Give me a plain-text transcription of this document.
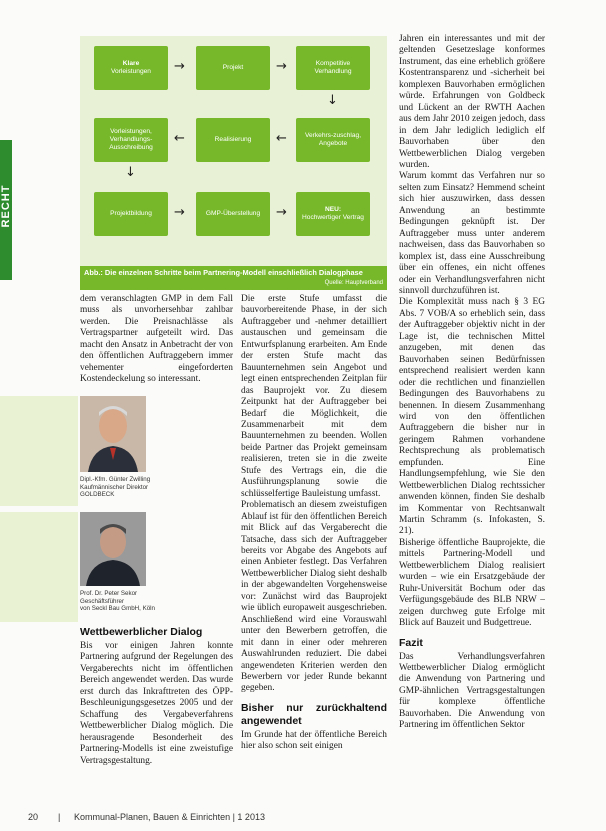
RECHT
Klare
Vorleistungen →	Projekt	→	Kompetitive Verhandlung
↓
Verkehrs-zuschlag, Angebote
←
Realisierung
←
Vorleistungen, Verhandlungs-Ausschreibung
↓
Projektbildung →	GMP-Überstellung →	NEU:
Hochwertiger Vertrag
Abb.: Die einzelnen Schritte beim Partnering-Modell einschließlich Dialogphase
Quelle: Hauptverband

dem veranschlagten GMP in dem Fall muss als unvorhersehbar zahlbar werden. Die Preisnachlässe als Vertragspartner aufgeteilt wird. Das macht den Ansatz in Anbetracht der von den öffentlichen Auftraggebern immer vehementer eingeforderten Kostendeckelung so interessant.

Dipl.-Kfm. Günter Zwilling
Kaufmännischer Direktor
GOLDBECK
Prof. Dr. Peter Sekor
Geschäftsführer
von Seckl Bau GmbH, Köln
Wettbewerblicher Dialog

Bis vor einigen Jahren konnte Partnering aufgrund der Regelungen des Vergaberechts nicht im öffentlichen Bereich angewendet werden. Das wurde erst durch das Inkrafttreten des ÖPP-Beschleunigungsgesetzes 2005 und der Schaffung des Vergabeverfahrens Wettbewerblicher Dialog möglich. Die herausragende Besonderheit des Partnering-Modells ist eine zweistufige Vertragsgestaltung.

Die erste Stufe umfasst die bauvorbereitende Phase, in der sich Auftraggeber und -nehmer detailliert austauschen und gemeinsam die Entwurfsplanung erarbeiten. Am Ende der ersten Stufe macht das Bauunternehmen sein Angebot und legt einen entsprechenden Zeitplan für das Bauprojekt vor. Zu diesem Zeitpunkt hat der Auftraggeber bei Bedarf die Möglichkeit, die Zusammenarbeit mit dem Bauunternehmen zu beenden. Wollen beide Partner das Projekt gemeinsam realisieren, treten sie in die zweite Stufe des Vertrags ein, die die Ausführungsplanung sowie die schlüsselfertige Bauleistung umfasst.

Problematisch an diesem zweistufigen Ablauf ist für den öffentlichen Bereich mit Blick auf das Vergaberecht die Tatsache, dass sich der Auftraggeber bereits vor Abgabe des Angebots auf einen Anbieter festlegt. Das Verfahren Wettbewerblicher Dialog sieht deshalb in der abgewandelten Vorgehensweise vor: Zunächst wird das Bauprojekt wie üblich europaweit ausgeschrieben. Anschließend wird eine Vorauswahl unter den Bewerbern getroffen, die mit dann in einer oder mehreren Auswahlrunden reduziert. Die dabei angewendeten Kriterien werden den Bewerbern vor jeder Runde bekannt gegeben.

Bisher nur zurückhaltend angewendet

Im Grunde hat der öffentliche Bereich hier also schon seit einigen

Jahren ein interessantes und mit der geltenden Gesetzeslage konformes Instrument, das eine erheblich größere Kostentransparenz und -sicherheit bei komplexen Bauvorhaben ermöglichen würde. Erfahrungen von Goldbeck und Lückent an der RWTH Aachen aus dem Jahr 2010 zeigen jedoch, dass in dem Jahr lediglich lediglich elf Bauvorhaben über den Wettbewerblichen Dialog vergeben wurden.

Warum kommt das Verfahren nur so selten zum Einsatz? Hemmend scheint sich hier auszuwirken, dass dessen Anwendung an bestimmte Bedingungen geknüpft ist. Der Auftraggeber muss unter anderem nachweisen, dass das Bauvorhaben so komplex ist, dass eine Ausschreibung über ein offenes, ein nicht offenes oder ein Verhandlungsverfahren nicht sinnvoll durchzuführen ist.

Die Komplexität muss nach § 3 EG Abs. 7 VOB/A so erheblich sein, dass der Auftraggeber objektiv nicht in der Lage ist, die technischen Mittel anzugeben, mit denen das Bauvorhaben seinen Bedürfnissen entsprechend realisiert werden kann oder die rechtlichen und finanziellen Bedingungen des Bauvorhabens zu benennen. In diesem Zusammenhang wird von den öffentlichen Auftraggebern die bisher nur in geringem Rahmen vorhandene Rechtsprechung als problematisch empfunden. Eine Handlungsempfehlung, wie Sie den Wettbewerblichen Dialog rechtssicher anwenden können, finden Sie deshalb im Kommentar von Rechtsanwalt Martin Schramm (s. Infokasten, S. 21).

Bisherige öffentliche Bauprojekte, die mittels Partnering-Modell und Wettbewerblichem Dialog realisiert wurden – wie ein Ersatzgebäude der Ruhr-Universität Bochum oder das Verfügungsgebäude des BLB NRW – zeigen durchweg gute Erfolge mit Blick auf Bauzeit und Budgettreue.

Fazit

Das Verhandlungsverfahren Wettbewerblicher Dialog ermöglicht die Anwendung von Partnering und GMP-ähnlichen Vertragsgestaltungen für komplexe öffentliche Bauvorhaben. Die Anwendung von Partnering im öffentlichen Sektor

20 | Kommunal-Planen, Bauen & Einrichten | 1 2013
